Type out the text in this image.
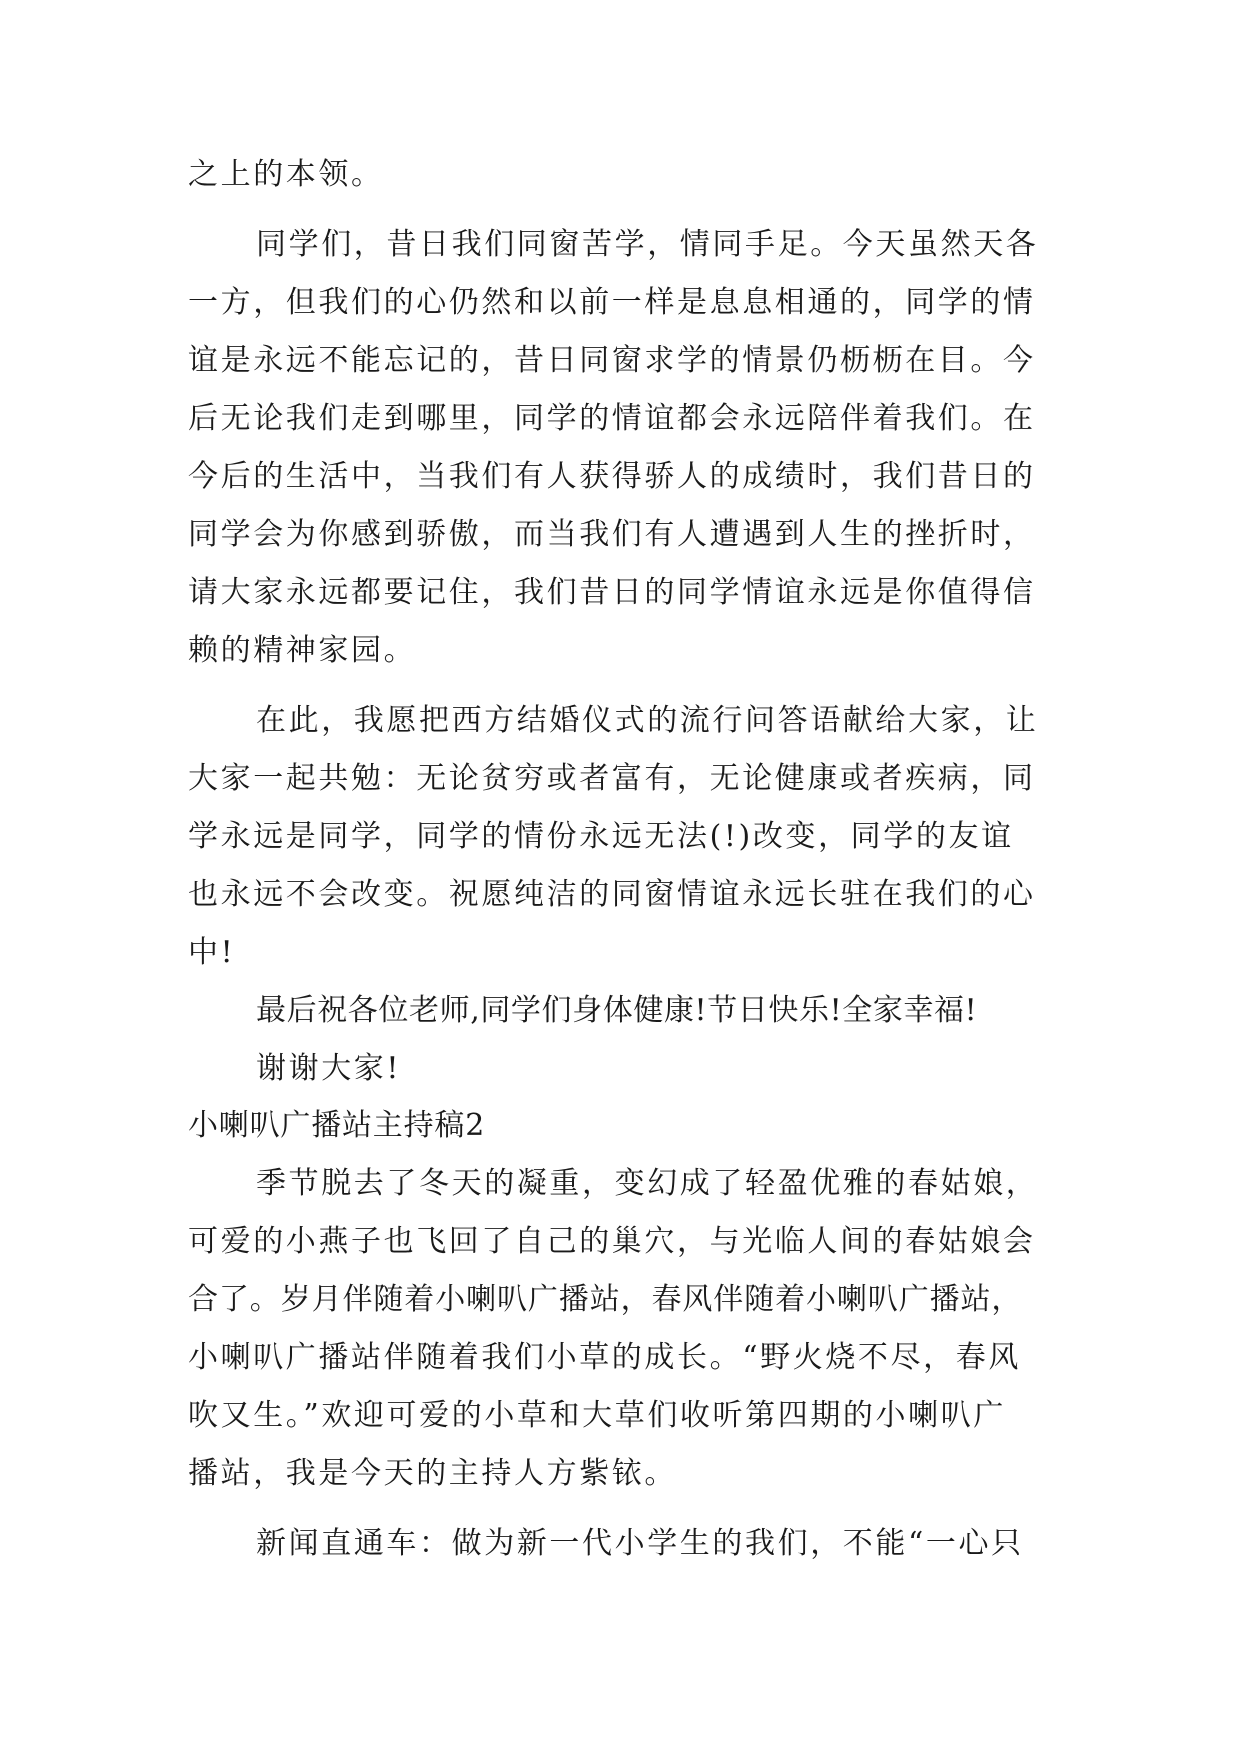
之上的本领。
同学们，昔日我们同窗苦学，情同手足。今天虽然天各
一方，但我们的心仍然和以前一样是息息相通的，同学的情
谊是永远不能忘记的，昔日同窗求学的情景仍枥枥在目。今
后无论我们走到哪里，同学的情谊都会永远陪伴着我们。在
今后的生活中，当我们有人获得骄人的成绩时，我们昔日的
同学会为你感到骄傲，而当我们有人遭遇到人生的挫折时，
请大家永远都要记住，我们昔日的同学情谊永远是你值得信
赖的精神家园。
在此，我愿把西方结婚仪式的流行问答语献给大家，让
大家一起共勉：无论贫穷或者富有，无论健康或者疾病，同
学永远是同学，同学的情份永远无法(!)改变，同学的友谊
也永远不会改变。祝愿纯洁的同窗情谊永远长驻在我们的心
中!
最后祝各位老师,同学们身体健康!节日快乐!全家幸福!
谢谢大家!
小喇叭广播站主持稿2
季节脱去了冬天的凝重，变幻成了轻盈优雅的春姑娘，
可爱的小燕子也飞回了自己的巢穴，与光临人间的春姑娘会
合了。岁月伴随着小喇叭广播站，春风伴随着小喇叭广播站，
小喇叭广播站伴随着我们小草的成长。“野火烧不尽，春风
吹又生。”欢迎可爱的小草和大草们收听第四期的小喇叭广
播站，我是今天的主持人方紫铱。
新闻直通车：做为新一代小学生的我们，不能“一心只
